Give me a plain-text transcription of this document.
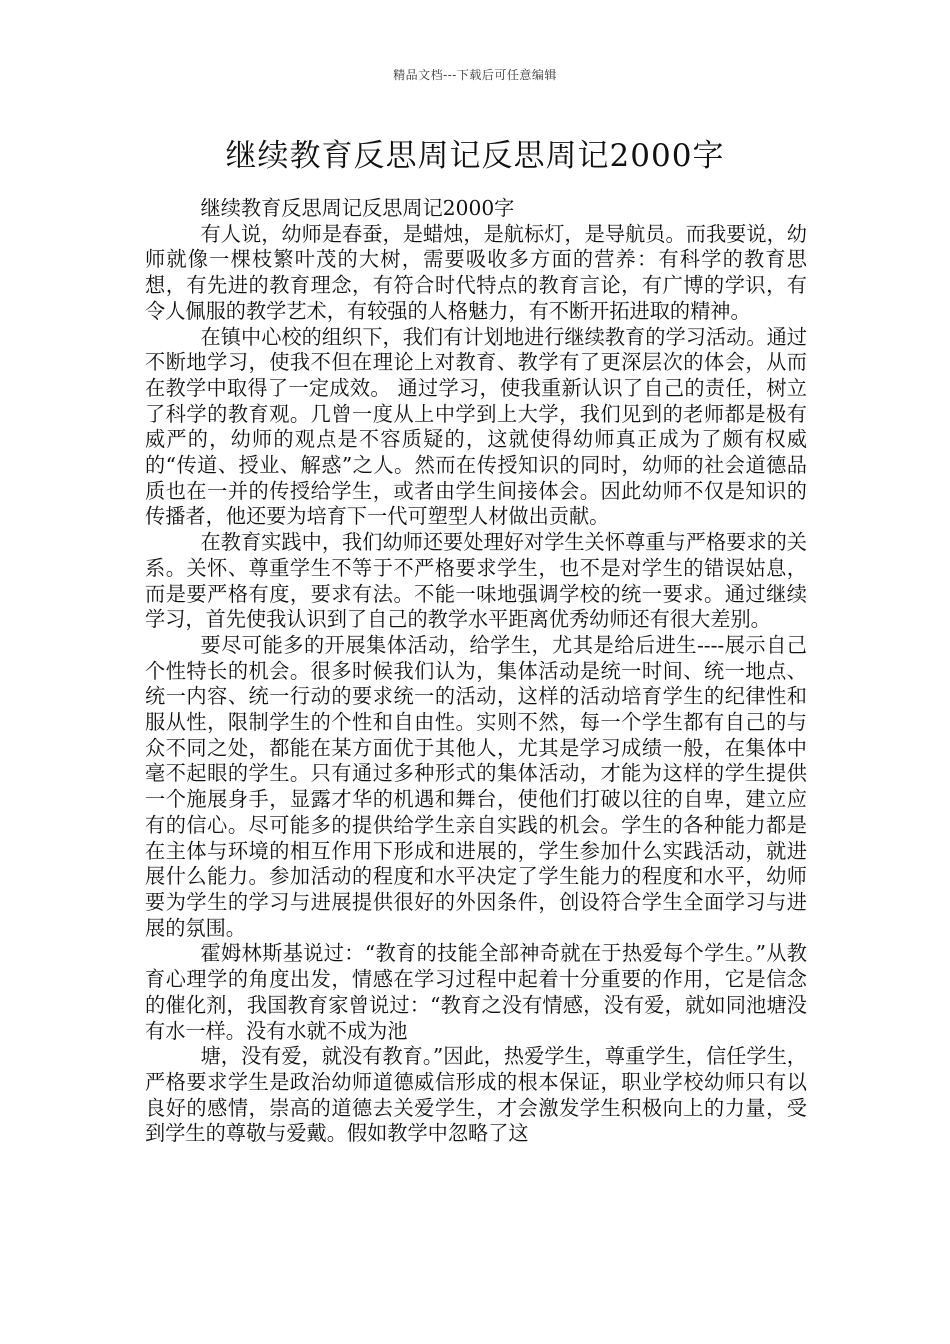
精品文档---下载后可任意编辑
继续教育反思周记反思周记2000字

继续教育反思周记反思周记2000字

有人说，幼师是春蚕，是蜡烛，是航标灯，是导航员。而我要说，幼师就像一棵枝繁叶茂的大树，需要吸收多方面的营养：有科学的教育思想，有先进的教育理念，有符合时代特点的教育言论，有广博的学识，有令人佩服的教学艺术，有较强的人格魅力，有不断开拓进取的精神。

在镇中心校的组织下，我们有计划地进行继续教育的学习活动。通过不断地学习，使我不但在理论上对教育、教学有了更深层次的体会，从而在教学中取得了一定成效。 通过学习，使我重新认识了自己的责任，树立了科学的教育观。几曾一度从上中学到上大学，我们见到的老师都是极有威严的，幼师的观点是不容质疑的，这就使得幼师真正成为了颇有权威的“传道、授业、解惑”之人。然而在传授知识的同时，幼师的社会道德品质也在一并的传授给学生，或者由学生间接体会。因此幼师不仅是知识的传播者，他还要为培育下一代可塑型人材做出贡献。

在教育实践中，我们幼师还要处理好对学生关怀尊重与严格要求的关系。关怀、尊重学生不等于不严格要求学生，也不是对学生的错误姑息，而是要严格有度，要求有法。不能一味地强调学校的统一要求。通过继续学习，首先使我认识到了自己的教学水平距离优秀幼师还有很大差别。

要尽可能多的开展集体活动，给学生，尤其是给后进生----展示自己个性特长的机会。很多时候我们认为，集体活动是统一时间、统一地点、统一内容、统一行动的要求统一的活动，这样的活动培育学生的纪律性和服从性，限制学生的个性和自由性。实则不然，每一个学生都有自己的与众不同之处，都能在某方面优于其他人，尤其是学习成绩一般，在集体中毫不起眼的学生。只有通过多种形式的集体活动，才能为这样的学生提供一个施展身手，显露才华的机遇和舞台，使他们打破以往的自卑，建立应有的信心。尽可能多的提供给学生亲自实践的机会。学生的各种能力都是在主体与环境的相互作用下形成和进展的，学生参加什么实践活动，就进展什么能力。参加活动的程度和水平决定了学生能力的程度和水平，幼师要为学生的学习与进展提供很好的外因条件，创设符合学生全面学习与进展的氛围。

霍姆林斯基说过：“教育的技能全部神奇就在于热爱每个学生。”从教育心理学的角度出发，情感在学习过程中起着十分重要的作用，它是信念的催化剂，我国教育家曾说过：“教育之没有情感，没有爱，就如同池塘没有水一样。没有水就不成为池

塘，没有爱，就没有教育。”因此，热爱学生，尊重学生，信任学生，严格要求学生是政治幼师道德威信形成的根本保证，职业学校幼师只有以良好的感情，崇高的道德去关爱学生，才会激发学生积极向上的力量，受到学生的尊敬与爱戴。假如教学中忽略了这
